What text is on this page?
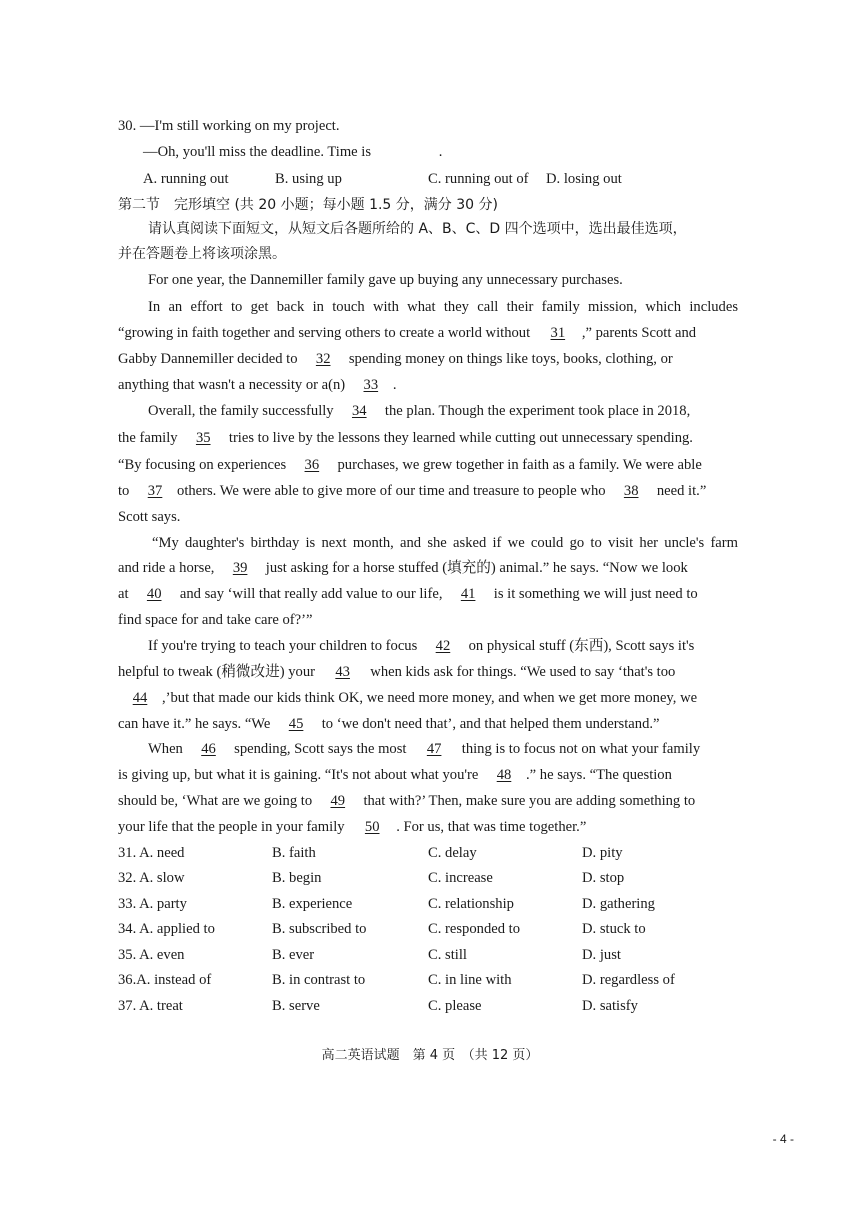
30. —I'm still working on my project.
—Oh, you'll miss the deadline. Time is	.
A. running out	B. using up	C. running out of D. losing out
第二节　完形填空 (共 20 小题；每小题 1.5 分，满分 30 分)
请认真阅读下面短文，从短文后各题所给的 A、B、C、D 四个选项中，选出最佳选项，
并在答题卷上将该项涂黑。
For one year, the Dannemiller family gave up buying any unnecessary purchases.
In an effort to get back in touch with what they call their family mission, which includes
“growing in faith together and serving others to create a world without 31 ,” parents Scott and
Gabby Dannemiller decided to 32 spending money on things like toys, books, clothing, or
anything that wasn't a necessity or a(n) 33 .
Overall, the family successfully 34 the plan. Though the experiment took place in 2018,
the family 35 tries to live by the lessons they learned while cutting out unnecessary spending.
“By focusing on experiences 36 purchases, we grew together in faith as a family. We were able
to 37 others. We were able to give more of our time and treasure to people who 38 need it.”
Scott says.
“My daughter's birthday is next month, and she asked if we could go to visit her uncle's farm
and ride a horse, 39 just asking for a horse stuffed (填充的) animal.” he says. “Now we look
at 40 and say ‘will that really add value to our life, 41 is it something we will just need to
find space for and take care of?’”
If you're trying to teach your children to focus 42 on physical stuff (东西), Scott says it's
helpful to tweak (稍微改进) your 43 when kids ask for things. “We used to say ‘that's too
44 ,’but that made our kids think OK, we need more money, and when we get more money, we
can have it.” he says. “We 45 to ‘we don't need that’, and that helped them understand.”
When 46 spending, Scott says the most 47 thing is to focus not on what your family
is giving up, but what it is gaining. “It's not about what you're 48 .” he says. “The question
should be, ‘What are we going to 49 that with?’ Then, make sure you are adding something to
your life that the people in your family 50 . For us, that was time together.”
31. A. need	B. faith	C. delay	D. pity
32. A. slow	B. begin	C. increase	D. stop
33. A. party	B. experience	C. relationship	D. gathering
34. A. applied to	B. subscribed to	C. responded to	D. stuck to
35. A. even	B. ever	C. still	D. just
36.A. instead of	B. in contrast to	C. in line with	D. regardless of
37. A. treat	B. serve	C. please	D. satisfy
高二英语试题　第 4 页　（共 12 页）
- 4 -
